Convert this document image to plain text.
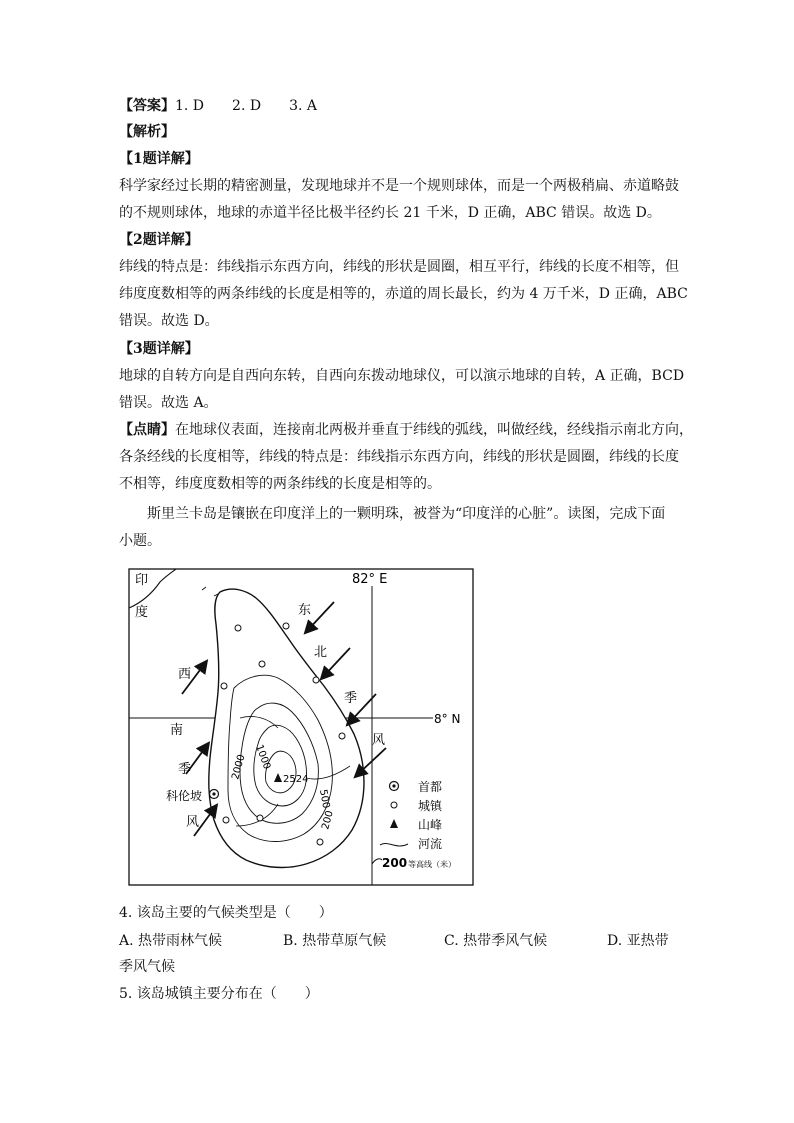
【答案】1. D 2. D 3. A
【解析】
【1题详解】
科学家经过长期的精密测量，发现地球并不是一个规则球体，而是一个两极稍扁、赤道略鼓
的不规则球体，地球的赤道半径比极半径约长 21 千米，D 正确，ABC 错误。故选 D。
【2题详解】
纬线的特点是：纬线指示东西方向，纬线的形状是圆圈，相互平行，纬线的长度不相等，但
纬度度数相等的两条纬线的长度是相等的，赤道的周长最长，约为 4 万千米，D 正确，ABC
错误。故选 D。
【3题详解】
地球的自转方向是自西向东转，自西向东拨动地球仪，可以演示地球的自转，A 正确，BCD
错误。故选 A。
【点睛】在地球仪表面，连接南北两极并垂直于纬线的弧线，叫做经线，经线指示南北方向，
各条经线的长度相等，纬线的特点是：纬线指示东西方向，纬线的形状是圆圈，纬线的长度
不相等，纬度度数相等的两条纬线的长度是相等的。
斯里兰卡岛是镶嵌在印度洋上的一颗明珠，被誉为“印度洋的心脏”。读图，完成下面
小题。
82° E
8° N
印
度
科伦坡
2524
2000 1000
500
200
西
南
季
风
东
北
季
风
首都
城镇
山峰
河流
200 等高线（米）
4. 该岛主要的气候类型是（　　）
A. 热带雨林气候	B. 热带草原气候	C. 热带季风气候	D. 亚热带
季风气候
5. 该岛城镇主要分布在（　　）
